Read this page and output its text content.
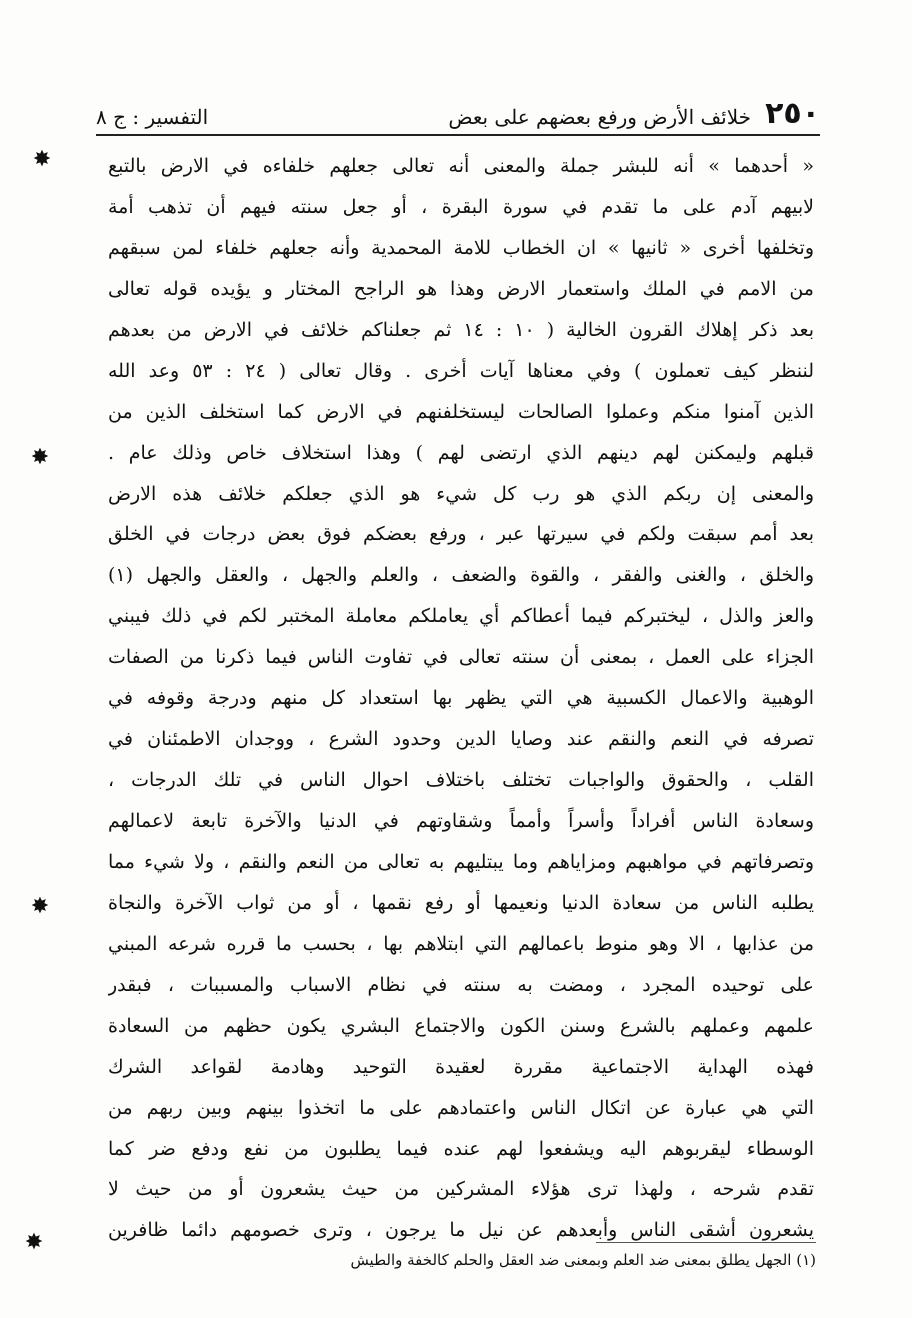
٢٥٠
خلائف الأرض ورفع بعضهم على بعض
التفسير : ج ٨
« أحدهما » أنه للبشر جملة والمعنى أنه تعالى جعلهم خلفاءه في الارض بالتبع
لابيهم آدم على ما تقدم في سورة البقرة ، أو جعل سنته فيهم أن تذهب أمة
وتخلفها أخرى « ثانيها » ان الخطاب للامة المحمدية وأنه جعلهم خلفاء لمن سبقهم
من الامم في الملك واستعمار الارض وهذا هو الراجح المختار و يؤيده قوله تعالى
بعد ذكر إهلاك القرون الخالية ( ١٠ : ١٤ ثم جعلناكم خلائف في الارض من بعدهم
لننظر كيف تعملون ) وفي معناها آيات أخرى . وقال تعالى ( ٢٤ : ٥٣ وعد الله
الذين آمنوا منكم وعملوا الصالحات ليستخلفنهم في الارض كما استخلف الذين من
قبلهم وليمكنن لهم دينهم الذي ارتضى لهم ) وهذا استخلاف خاص وذلك عام .
والمعنى إن ربكم الذي هو رب كل شيء هو الذي جعلكم خلائف هذه الارض
بعد أمم سبقت ولكم في سيرتها عبر ، ورفع بعضكم فوق بعض درجات في الخلق
والخلق ، والغنى والفقر ، والقوة والضعف ، والعلم والجهل ، والعقل والجهل (١)
والعز والذل ، ليختبركم فيما أعطاكم أي يعاملكم معاملة المختبر لكم في ذلك فيبني
الجزاء على العمل ، بمعنى أن سنته تعالى في تفاوت الناس فيما ذكرنا من الصفات
الوهبية والاعمال الكسبية هي التي يظهر بها استعداد كل منهم ودرجة وقوفه في
تصرفه في النعم والنقم عند وصايا الدين وحدود الشرع ، ووجدان الاطمئنان في
القلب ، والحقوق والواجبات تختلف باختلاف احوال الناس في تلك الدرجات ،
وسعادة الناس أفراداً وأسراً وأمماً وشقاوتهم في الدنيا والآخرة تابعة لاعمالهم
وتصرفاتهم في مواهبهم ومزاياهم وما يبتليهم به تعالى من النعم والنقم ، ولا شيء مما
يطلبه الناس من سعادة الدنيا ونعيمها أو رفع نقمها ، أو من ثواب الآخرة والنجاة
من عذابها ، الا وهو منوط باعمالهم التي ابتلاهم بها ، بحسب ما قرره شرعه المبني
على توحيده المجرد ، ومضت به سنته في نظام الاسباب والمسببات ، فبقدر
علمهم وعملهم بالشرع وسنن الكون والاجتماع البشري يكون حظهم من السعادة
فهذه الهداية الاجتماعية مقررة لعقيدة التوحيد وهادمة لقواعد الشرك
التي هي عبارة عن اتكال الناس واعتمادهم على ما اتخذوا بينهم وبين ربهم من
الوسطاء ليقربوهم اليه ويشفعوا لهم عنده فيما يطلبون من نفع ودفع ضر كما
تقدم شرحه ، ولهذا ترى هؤلاء المشركين من حيث يشعرون أو من حيث لا
يشعرون أشقى الناس وأبعدهم عن نيل ما يرجون ، وترى خصومهم دائما ظافرين
(١) الجهل يطلق بمعنى ضد العلم وبمعنى ضد العقل والحلم كالخفة والطيش
✸
✸
✸
✸
